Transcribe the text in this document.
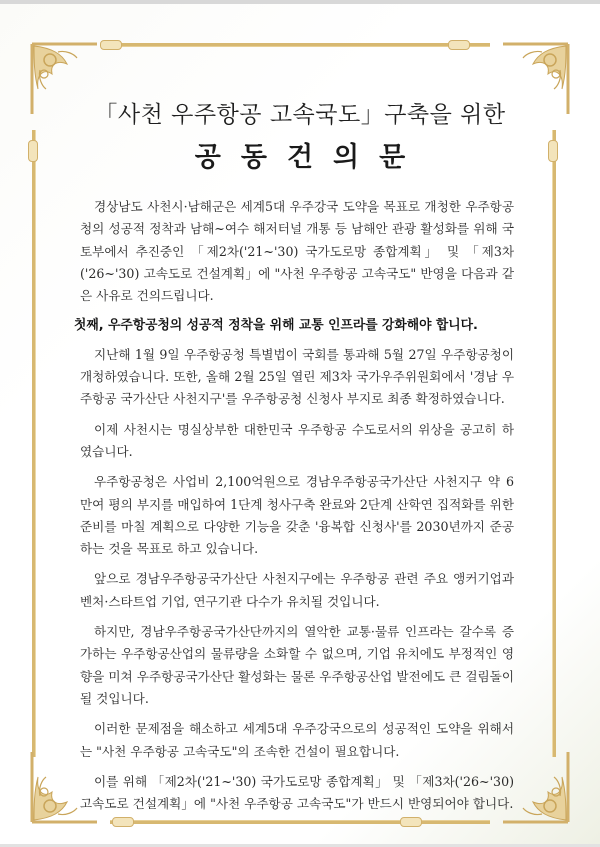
「사천 우주항공 고속국도」구축을 위한
공동건의문

경상남도 사천시·남해군은 세계5대 우주강국 도약을 목표로 개청한 우주항공청의 성공적 정착과 남해~여수 해저터널 개통 등 남해안 관광 활성화를 위해 국토부에서 추진중인 「제2차('21~'30) 국가도로망 종합계획」 및 「제3차('26~'30) 고속도로 건설계획」에 "사천 우주항공 고속국도" 반영을 다음과 같은 사유로 건의드립니다.

첫째, 우주항공청의 성공적 정착을 위해 교통 인프라를 강화해야 합니다.

지난해 1월 9일 우주항공청 특별법이 국회를 통과해 5월 27일 우주항공청이 개청하였습니다. 또한, 올해 2월 25일 열린 제3차 국가우주위원회에서 '경남 우주항공 국가산단 사천지구'를 우주항공청 신청사 부지로 최종 확정하였습니다.

이제 사천시는 명실상부한 대한민국 우주항공 수도로서의 위상을 공고히 하였습니다.

우주항공청은 사업비 2,100억원으로 경남우주항공국가산단 사천지구 약 6만여 평의 부지를 매입하여 1단계 청사구축 완료와 2단계 산학연 집적화를 위한 준비를 마칠 계획으로 다양한 기능을 갖춘 '융복합 신청사'를 2030년까지 준공하는 것을 목표로 하고 있습니다.

앞으로 경남우주항공국가산단 사천지구에는 우주항공 관련 주요 앵커기업과 벤처·스타트업 기업, 연구기관 다수가 유치될 것입니다.

하지만, 경남우주항공국가산단까지의 열악한 교통·물류 인프라는 갈수록 증가하는 우주항공산업의 물류량을 소화할 수 없으며, 기업 유치에도 부정적인 영향을 미쳐 우주항공국가산단 활성화는 물론 우주항공산업 발전에도 큰 걸림돌이 될 것입니다.

이러한 문제점을 해소하고 세계5대 우주강국으로의 성공적인 도약을 위해서는 "사천 우주항공 고속국도"의 조속한 건설이 필요합니다.

이를 위해 「제2차('21~'30) 국가도로망 종합계획」 및 「제3차('26~'30) 고속도로 건설계획」에 "사천 우주항공 고속국도"가 반드시 반영되어야 합니다.
